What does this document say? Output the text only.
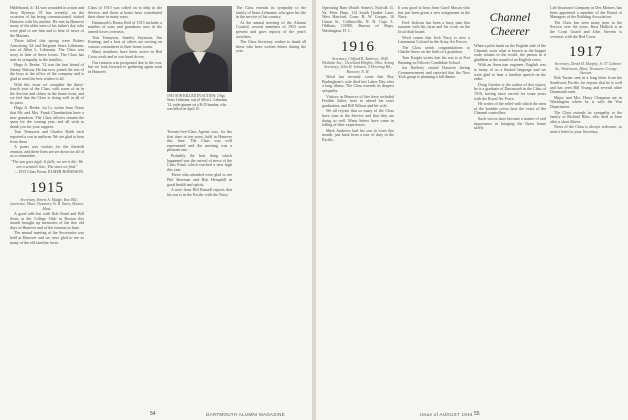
Hildebrand, Jr. '44 was wounded in action and Jerry Ryerson '45 has recently, on the occasion of his being commissioned, visited Hanover with his mother. He met in Hanover many of the older men of his father's day who were glad to see him and to hear of news of the Marines.

Those killed this spring were Robert Armstrong '44 and Sergeant Sears Lehmann, son of Allen L. Lehmann. The Class was sorry to hear of these losses. The Class has sent its sympathy to the families.

Hugo A. Beebe, '12 was the best friend of Jimmy Watson. He has now joined the rest of the boys at the office of the company and is glad to send the best wishes to all.

With this issue we complete the thirty-fourth year of the Class, with some of us in the Service and others in the home front, and we feel that the Class is doing well in all of its parts.

Hugo A. Beebe, 1st Lt. writes from Texas that Mr. and Mrs. Frank Chamberlain have a new grandson. The Class officers remain the same for the coming year, and all wish to thank you for your support.

Tom Tennyson and Charles Robb each reported a son in uniform. We are glad to hear from them.

A poem was written for the thirtieth reunion, and these lines are set down for all of us to remember.

"The sun goes high; It falls; we see it die; We are a sentinel line; The stars we find."

—1915 Class Poem, ELMER ROBINSON.

1915

Secretary, Ernest A. Mudge, Box 802, Lawrence, Mass. Treasurer, W. R. Sears, Boston, Mass.

A good talk-fest with Bob Rand and Bill Sears at the College Club in Boston this month brought up memories of the fine old days in Hanover and of the reunion in June.

The annual meeting of the Secretaries was held at Hanover and we were glad to see so many of the old familiar faces.

Class of 1915 was called on to help in the Service, and those at home have contributed their share in many ways.

Dartmouth's Honor Roll of 1915 includes a number of sons and grandsons now in the armed forces overseas.

Tom Tennyson, Stanley Seymour, Jim Keating, and a host of others are serving on various committees in their home towns.

Many members have been active in Red Cross work and in war bond drives.

Our reunion was postponed due to the war, but we look forward to gathering again soon in Hanover.

1915 SON KILLED IN ACTION: 1/Sgt. Sears Lehmann, son of Allen L. Lehmann '14, radio-gunner on a B-25 bomber, who was killed on April 10.

Twenty-five-Class Agents was, for the first time in ten years, held in Hanover this June. The Class was well represented and the meeting was a pleasant one.

Probably the best thing which happened was the arrival of news of the Class Fund, which reached a new high this year.

Those who attended were glad to see Phil Sherman and Bob Hemphill in good health and spirits.

A note from Bill Russell reports that his son is in the Pacific with the Navy.

The Class extends its sympathy to the family of Sears Lehmann, who gave his life in the service of his country.

At the annual meeting of the Alumni Council, several members of 1915 were present and gave reports of the year's activities.

The Class Secretary wishes to thank all those who have written letters during the year.

54	DARTMOUTH ALUMNI MAGAZINE

Operating Base (South Annex), Norfolk 11, Va. Peter Haas, 114 South Quaker Lane, West Hartford, Conn. R. W. Cooper, 16 Union St., Collinsville, N. H. Capt. L. Oldham, USNR, Bureau of Ships, Washington, D. C.

1916

Secretary, Clifford R. Andrews, 1940 Westlake Ave., Cleveland Heights, Ohio. Acting Secretary, John H. Johnson, 5 Downing Rd., Hanover, N. H.

Word has recently come that Roy Burlingham's wife died last Labor Day after a long illness. The Class extends its deepest sympathy.

Visitors in Hanover of late have included Freddie Salter, here to attend his son's graduation, and Bill Wilson and his wife.

We all rejoice that so many of the Class have sons in the Service and that they are doing so well. Many letters have come in telling of their experiences.

Mark Andrews had his son in town this month, just back from a tour of duty in the Pacific.

It was good to hear from Carol Mason who has just been given a new assignment in the Navy.

Fred Jackson has been a busy man this summer with his farm and his work on the local draft board.

Word comes that Jack Tracy is now a Lieutenant Colonel in the Army Air Forces.

The Class sends congratulations to Charlie Snow on the birth of a grandson.

Tom Knight writes that his son is at Fort Benning in Officers' Candidate School.

Joe Rafferty visited Hanover during Commencement and reported that the New York group is planning a fall dinner.

Channel Cheerer

When a pilot lands on the English side of the Channel, soon what is known as the hopper scale returns to the world, the person in it gladdens at the sound of an English voice.

With an American engineer, English was to many of us a limited language and we were glad to hear a familiar speech on the radio.

Doug Gordon is the author of this report; he is a graduate of Dartmouth in the Class of 1916, having since served for some years with the Royal Air Force.

He writes of the relief with which the men of the bomber crews hear the voice of the Channel controllers.

Such voices have become a matter of real importance in bringing the flyers home safely.

Life Insurance Company in Des Moines, has been appointed a member of the Board of Managers of the Building Association.

The Class has seen many men in the Service over the years. Ross Hallock is in the Coast Guard and John Stevens is overseas with the Red Cross.

1917

Secretary, David H. Murphy, Jr. 57 Gilmore St., Watertown, Mass. Treasurer, George Stewart.

Bob Turner sent in a long letter from the Southwest Pacific; he reports that he is well and has seen Bill Young and several other Dartmouth men.

Major and Mrs. Harry Chapman are in Washington where he is with the War Department.

The Class extends its sympathy to the family of Richard Bliss, who died in June after a short illness.

News of the Class is always welcome, so send a letter to your Secretary.

Issue of AUGUST 1944 55
